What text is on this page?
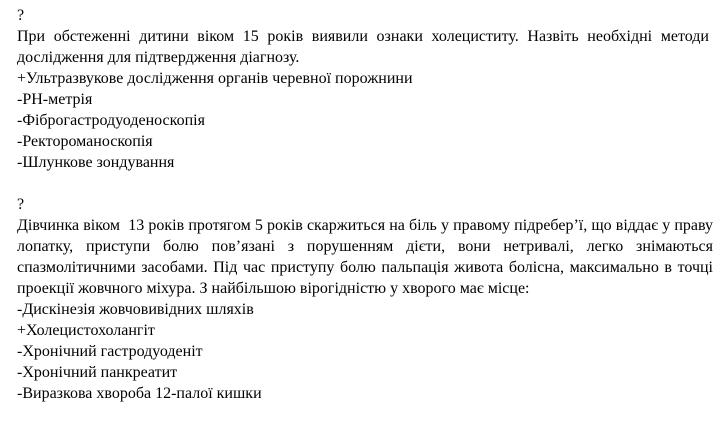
?

При обстеженні дитини віком 15 років виявили ознаки холециститу. Назвіть необхідні методи  дослідження для підтвердження діагнозу.

+Ультразвукове дослідження органів черевної порожнини
-РН-метрія
-Фіброгастродуоденоскопія
-Ректороманоскопія
-Шлункове зондування
?

Дівчинка віком  13 років протягом 5 років скаржиться на біль у правому підребер’ї, що віддає у праву лопатку, приступи болю пов’язані з порушенням дієти, вони нетривалі, легко знімаються спазмолітичними засобами. Під час приступу болю пальпація живота болісна, максимально в точці проекції жовчного міхура. З найбільшою вірогідністю у хворого має місце:

-Дискінезія жовчовивідних шляхів
+Холецистохолангіт
-Хронічний гастродуоденіт
-Хронічний панкреатит
-Виразкова хвороба 12-палої кишки
